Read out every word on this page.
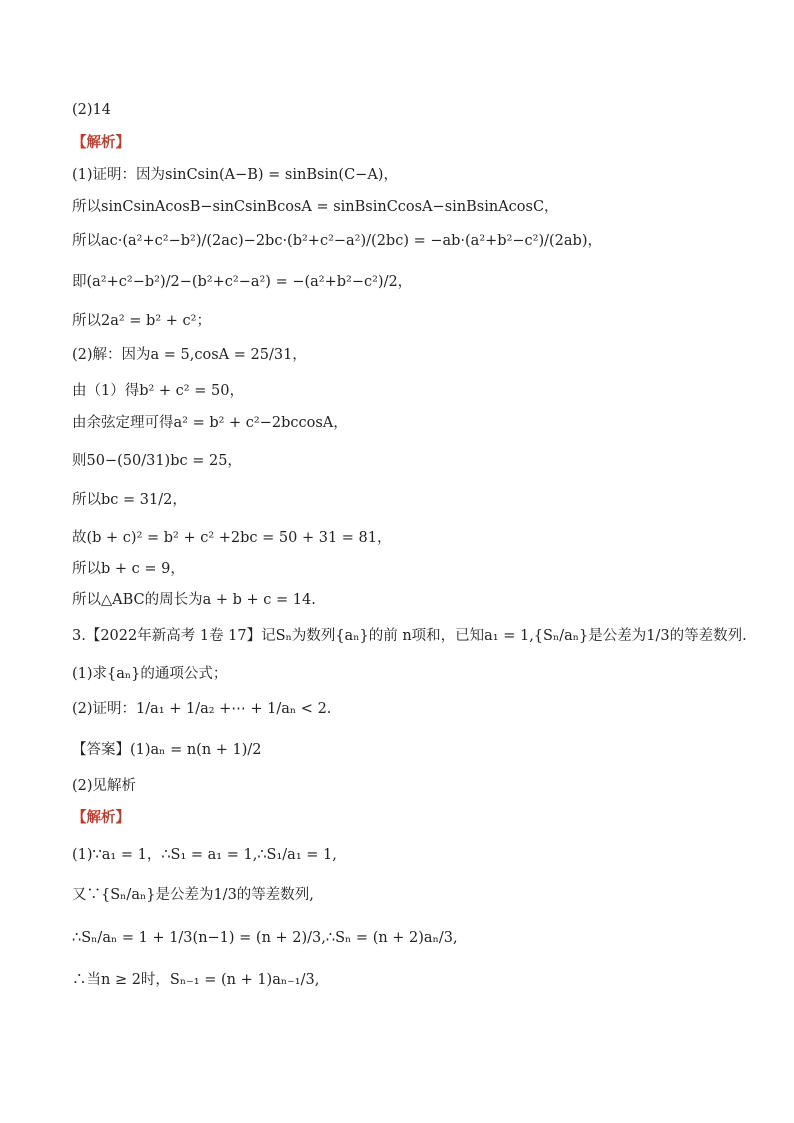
(2)14
【解析】
(1)证明：因为sinCsin(A−B) = sinBsin(C−A)，
所以sinCsinAcosB−sinCsinBcosA = sinBsinCcosA−sinBsinAcosC，
所以ac·(a²+c²−b²)/(2ac)−2bc·(b²+c²−a²)/(2bc) = −ab·(a²+b²−c²)/(2ab)，
即(a²+c²−b²)/2−(b²+c²−a²) = −(a²+b²−c²)/2，
所以2a² = b² + c²；
(2)解：因为a = 5,cosA = 25/31，
由（1）得b² + c² = 50，
由余弦定理可得a² = b² + c²−2bccosA，
则50−(50/31)bc = 25，
所以bc = 31/2，
故(b + c)² = b² + c² +2bc = 50 + 31 = 81，
所以b + c = 9，
所以△ABC的周长为a + b + c = 14.
3.【2022年新高考 1卷 17】记Sₙ为数列{aₙ}的前 n项和，已知a₁ = 1,{Sₙ/aₙ}是公差为1/3的等差数列.
(1)求{aₙ}的通项公式；
(2)证明：1/a₁ + 1/a₂ +⋯ + 1/aₙ < 2.
【答案】(1)aₙ = n(n + 1)/2
(2)见解析
【解析】
(1)∵a₁ = 1，∴S₁ = a₁ = 1,∴S₁/a₁ = 1,
又∵{Sₙ/aₙ}是公差为1/3的等差数列,
∴Sₙ/aₙ = 1 + 1/3(n−1) = (n + 2)/3,∴Sₙ = (n + 2)aₙ/3,
∴当n ≥ 2时，Sₙ₋₁ = (n + 1)aₙ₋₁/3,
